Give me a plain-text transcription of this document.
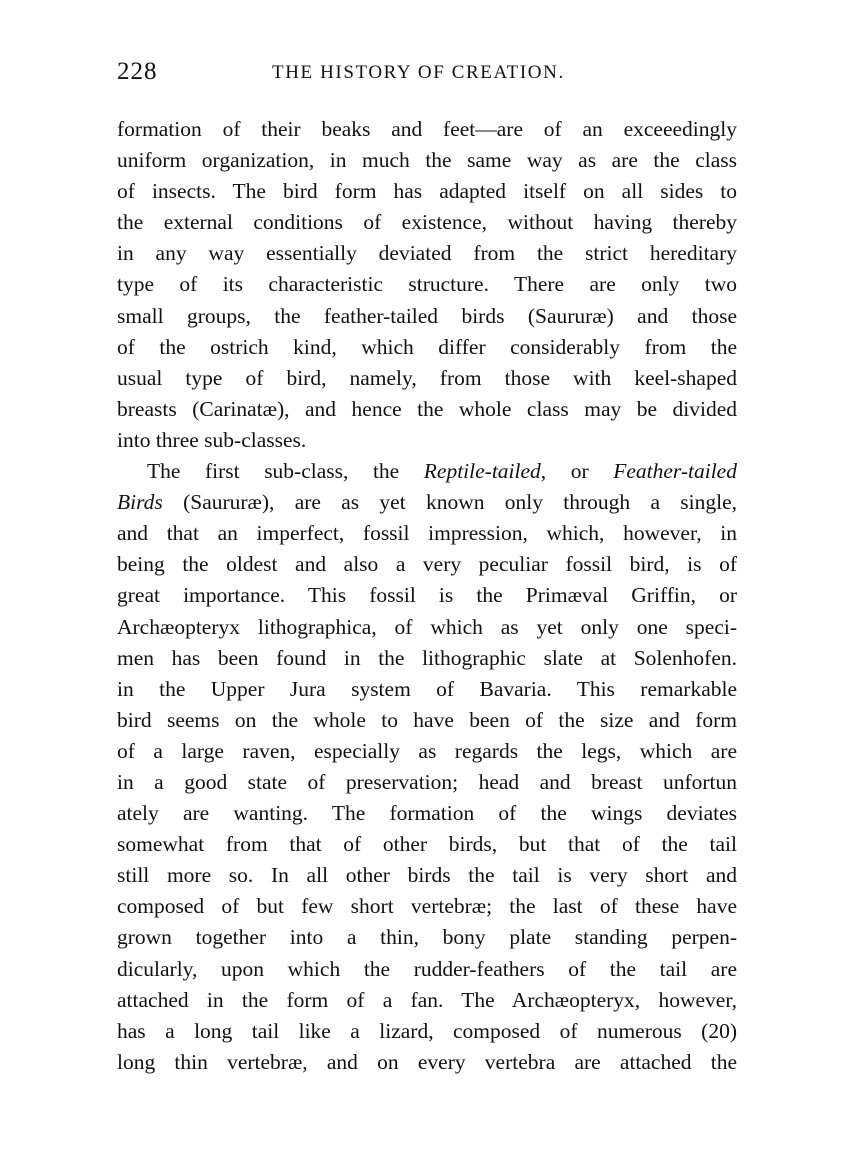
228	THE HISTORY OF CREATION.
formation of their beaks and feet—are of an exceeedingly
uniform organization, in much the same way as are the class
of insects. The bird form has adapted itself on all sides to
the external conditions of existence, without having thereby
in any way essentially deviated from the strict hereditary
type of its characteristic structure. There are only two
small groups, the feather-tailed birds (Saururæ) and those
of the ostrich kind, which differ considerably from the
usual type of bird, namely, from those with keel-shaped
breasts (Carinatæ), and hence the whole class may be divided
into three sub-classes.
The first sub-class, the Reptile-tailed, or Feather-tailed
Birds (Saururæ), are as yet known only through a single,
and that an imperfect, fossil impression, which, however, in
being the oldest and also a very peculiar fossil bird, is of
great importance. This fossil is the Primæval Griffin, or
Archæopteryx lithographica, of which as yet only one speci-
men has been found in the lithographic slate at Solenhofen.
in the Upper Jura system of Bavaria. This remarkable
bird seems on the whole to have been of the size and form
of a large raven, especially as regards the legs, which are
in a good state of preservation; head and breast unfortun
ately are wanting. The formation of the wings deviates
somewhat from that of other birds, but that of the tail
still more so. In all other birds the tail is very short and
composed of but few short vertebræ; the last of these have
grown together into a thin, bony plate standing perpen-
dicularly, upon which the rudder-feathers of the tail are
attached in the form of a fan. The Archæopteryx, however,
has a long tail like a lizard, composed of numerous (20)
long thin vertebræ, and on every vertebra are attached the
